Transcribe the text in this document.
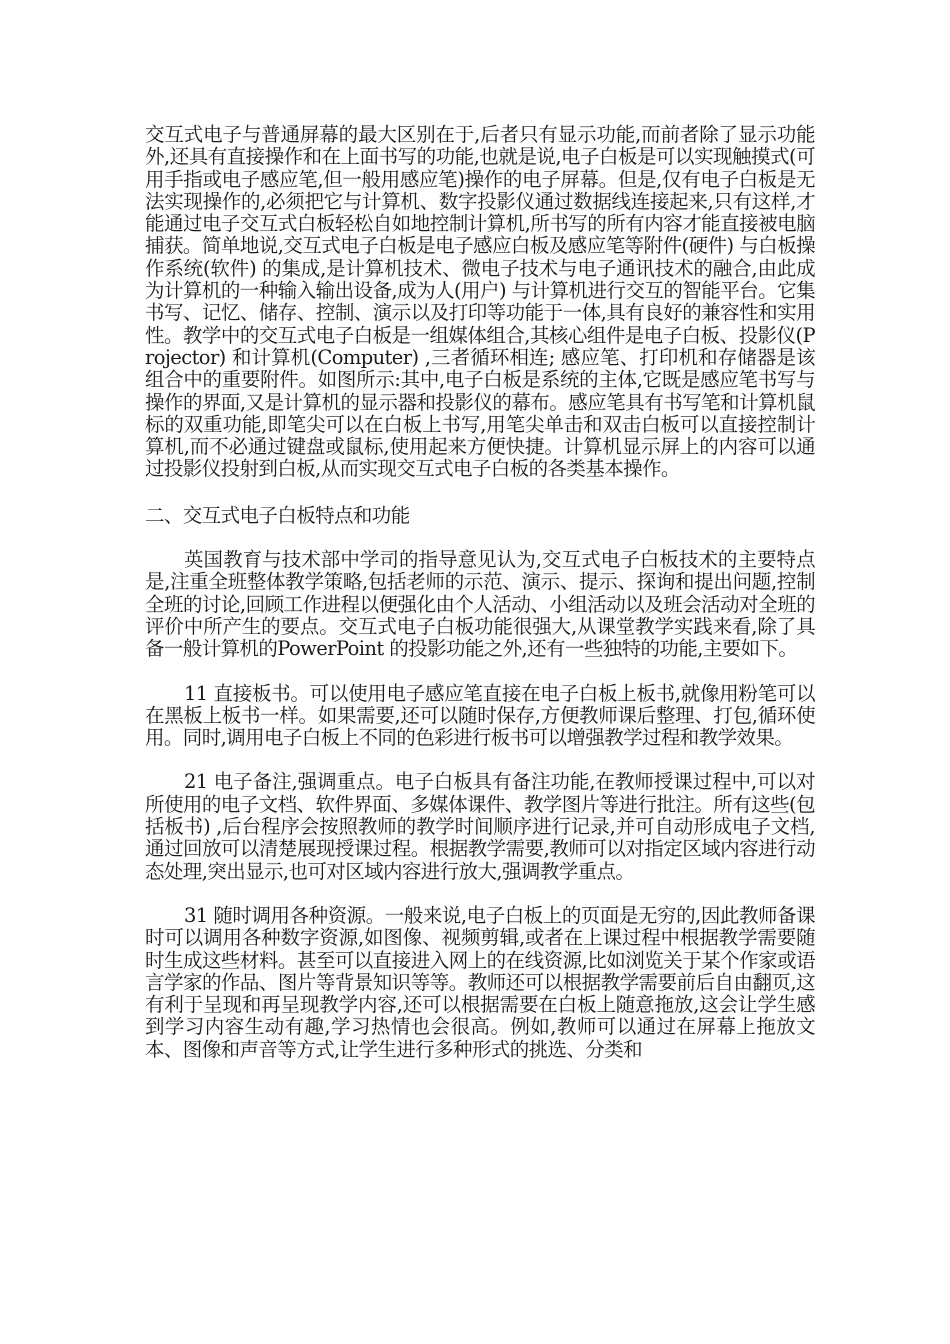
交互式电子与普通屏幕的最大区别在于,后者只有显示功能,而前者除了显示功能外,还具有直接操作和在上面书写的功能,也就是说,电子白板是可以实现触摸式(可用手指或电子感应笔,但一般用感应笔)操作的电子屏幕。但是,仅有电子白板是无法实现操作的,必须把它与计算机、数字投影仪通过数据线连接起来,只有这样,才能通过电子交互式白板轻松自如地控制计算机,所书写的所有内容才能直接被电脑捕获。简单地说,交互式电子白板是电子感应白板及感应笔等附件(硬件) 与白板操作系统(软件) 的集成,是计算机技术、微电子技术与电子通讯技术的融合,由此成为计算机的一种输入输出设备,成为人(用户) 与计算机进行交互的智能平台。它集书写、记忆、储存、控制、演示以及打印等功能于一体,具有良好的兼容性和实用性。教学中的交互式电子白板是一组媒体组合,其核心组件是电子白板、投影仪(Projector) 和计算机(Computer) ,三者循环相连; 感应笔、打印机和存储器是该组合中的重要附件。如图所示:其中,电子白板是系统的主体,它既是感应笔书写与操作的界面,又是计算机的显示器和投影仪的幕布。感应笔具有书写笔和计算机鼠标的双重功能,即笔尖可以在白板上书写,用笔尖单击和双击白板可以直接控制计算机,而不必通过键盘或鼠标,使用起来方便快捷。计算机显示屏上的内容可以通过投影仪投射到白板,从而实现交互式电子白板的各类基本操作。

二、交互式电子白板特点和功能

英国教育与技术部中学司的指导意见认为,交互式电子白板技术的主要特点是,注重全班整体教学策略,包括老师的示范、演示、提示、探询和提出问题,控制全班的讨论,回顾工作进程以便强化由个人活动、小组活动以及班会活动对全班的评价中所产生的要点。交互式电子白板功能很强大,从课堂教学实践来看,除了具备一般计算机的PowerPoint 的投影功能之外,还有一些独特的功能,主要如下。

11 直接板书。可以使用电子感应笔直接在电子白板上板书,就像用粉笔可以在黑板上板书一样。如果需要,还可以随时保存,方便教师课后整理、打包,循环使用。同时,调用电子白板上不同的色彩进行板书可以增强教学过程和教学效果。

21 电子备注,强调重点。电子白板具有备注功能,在教师授课过程中,可以对所使用的电子文档、软件界面、多媒体课件、教学图片等进行批注。所有这些(包括板书) ,后台程序会按照教师的教学时间顺序进行记录,并可自动形成电子文档,通过回放可以清楚展现授课过程。根据教学需要,教师可以对指定区域内容进行动态处理,突出显示,也可对区域内容进行放大,强调教学重点。

31 随时调用各种资源。一般来说,电子白板上的页面是无穷的,因此教师备课时可以调用各种数字资源,如图像、视频剪辑,或者在上课过程中根据教学需要随时生成这些材料。甚至可以直接进入网上的在线资源,比如浏览关于某个作家或语言学家的作品、图片等背景知识等等。教师还可以根据教学需要前后自由翻页,这有利于呈现和再呈现教学内容,还可以根据需要在白板上随意拖放,这会让学生感到学习内容生动有趣,学习热情也会很高。例如,教师可以通过在屏幕上拖放文本、图像和声音等方式,让学生进行多种形式的挑选、分类和
